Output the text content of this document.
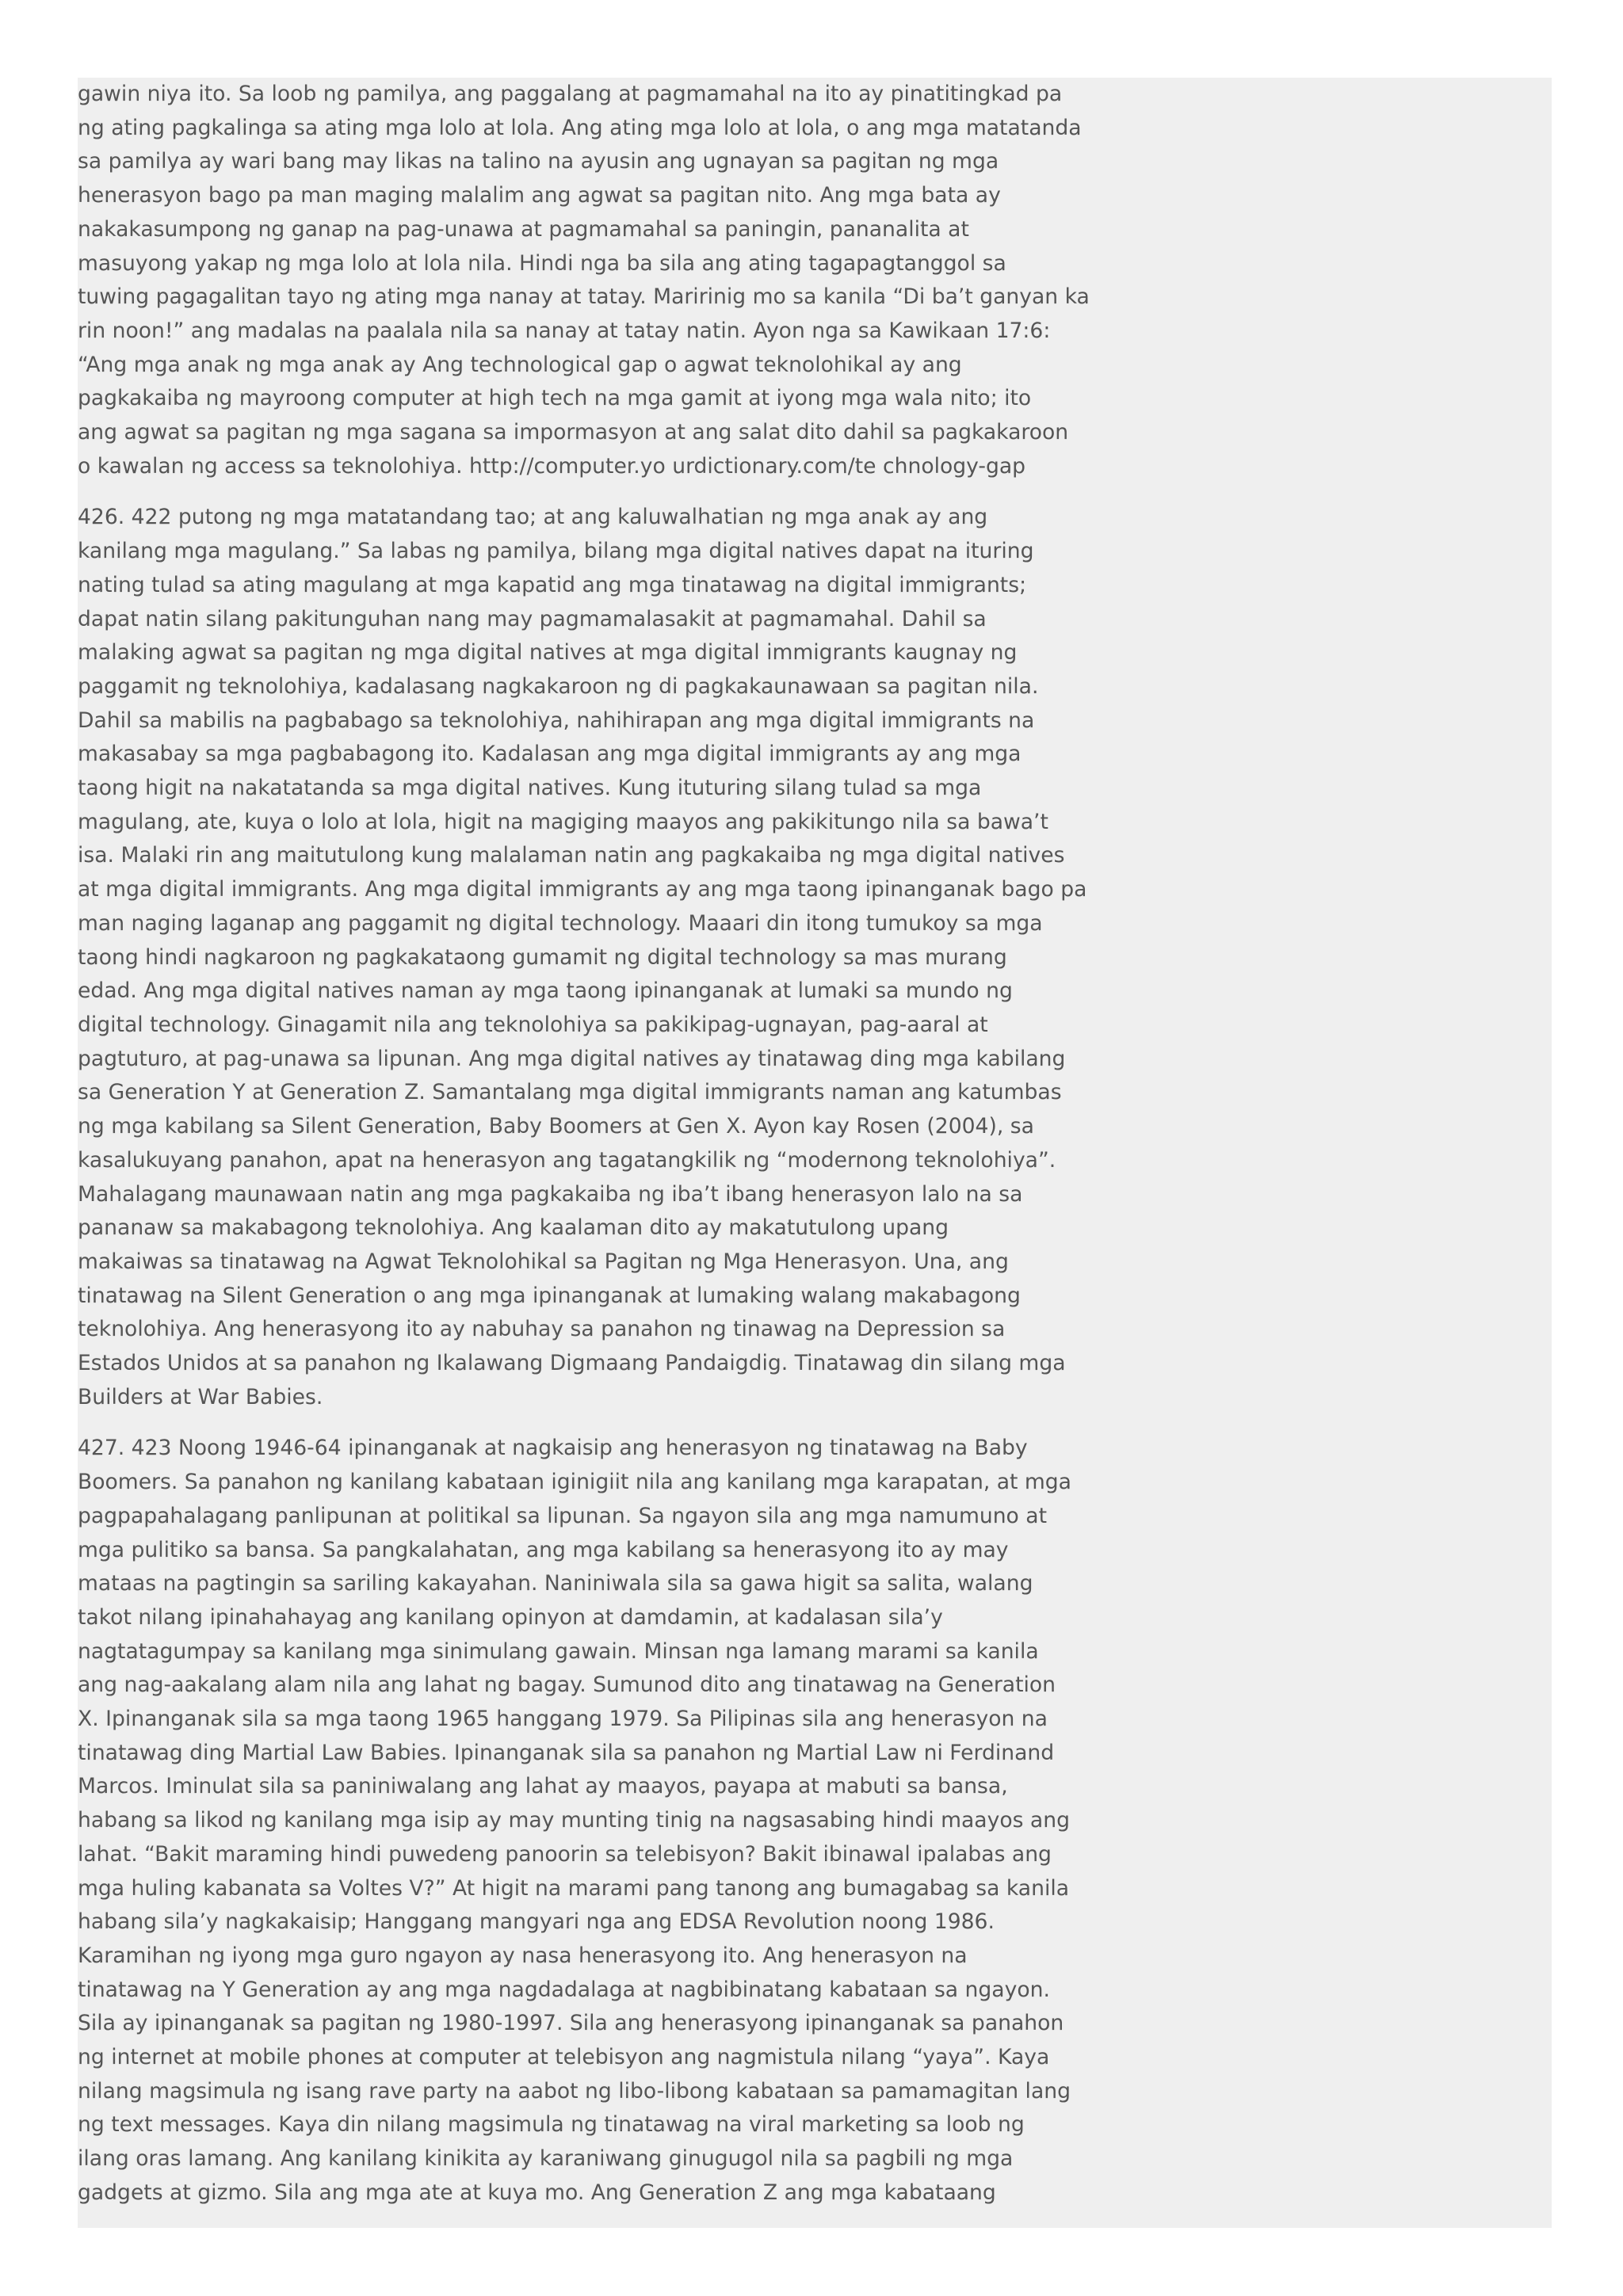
gawin niya ito. Sa loob ng pamilya, ang paggalang at pagmamahal na ito ay pinatitingkad pa
ng ating pagkalinga sa ating mga lolo at lola. Ang ating mga lolo at lola, o ang mga matatanda
sa pamilya ay wari bang may likas na talino na ayusin ang ugnayan sa pagitan ng mga
henerasyon bago pa man maging malalim ang agwat sa pagitan nito. Ang mga bata ay
nakakasumpong ng ganap na pag-unawa at pagmamahal sa paningin, pananalita at
masuyong yakap ng mga lolo at lola nila. Hindi nga ba sila ang ating tagapagtanggol sa
tuwing pagagalitan tayo ng ating mga nanay at tatay. Maririnig mo sa kanila “Di ba’t ganyan ka
rin noon!” ang madalas na paalala nila sa nanay at tatay natin. Ayon nga sa Kawikaan 17:6:
“Ang mga anak ng mga anak ay Ang technological gap o agwat teknolohikal ay ang
pagkakaiba ng mayroong computer at high tech na mga gamit at iyong mga wala nito; ito
ang agwat sa pagitan ng mga sagana sa impormasyon at ang salat dito dahil sa pagkakaroon
o kawalan ng access sa teknolohiya. http://computer.yo urdictionary.com/te chnology-gap

426. 422 putong ng mga matatandang tao; at ang kaluwalhatian ng mga anak ay ang
kanilang mga magulang.” Sa labas ng pamilya, bilang mga digital natives dapat na ituring
nating tulad sa ating magulang at mga kapatid ang mga tinatawag na digital immigrants;
dapat natin silang pakitunguhan nang may pagmamalasakit at pagmamahal. Dahil sa
malaking agwat sa pagitan ng mga digital natives at mga digital immigrants kaugnay ng
paggamit ng teknolohiya, kadalasang nagkakaroon ng di pagkakaunawaan sa pagitan nila.
Dahil sa mabilis na pagbabago sa teknolohiya, nahihirapan ang mga digital immigrants na
makasabay sa mga pagbabagong ito. Kadalasan ang mga digital immigrants ay ang mga
taong higit na nakatatanda sa mga digital natives. Kung ituturing silang tulad sa mga
magulang, ate, kuya o lolo at lola, higit na magiging maayos ang pakikitungo nila sa bawa’t
isa. Malaki rin ang maitutulong kung malalaman natin ang pagkakaiba ng mga digital natives
at mga digital immigrants. Ang mga digital immigrants ay ang mga taong ipinanganak bago pa
man naging laganap ang paggamit ng digital technology. Maaari din itong tumukoy sa mga
taong hindi nagkaroon ng pagkakataong gumamit ng digital technology sa mas murang
edad. Ang mga digital natives naman ay mga taong ipinanganak at lumaki sa mundo ng
digital technology. Ginagamit nila ang teknolohiya sa pakikipag-ugnayan, pag-aaral at
pagtuturo, at pag-unawa sa lipunan. Ang mga digital natives ay tinatawag ding mga kabilang
sa Generation Y at Generation Z. Samantalang mga digital immigrants naman ang katumbas
ng mga kabilang sa Silent Generation, Baby Boomers at Gen X. Ayon kay Rosen (2004), sa
kasalukuyang panahon, apat na henerasyon ang tagatangkilik ng “modernong teknolohiya”.
Mahalagang maunawaan natin ang mga pagkakaiba ng iba’t ibang henerasyon lalo na sa
pananaw sa makabagong teknolohiya. Ang kaalaman dito ay makatutulong upang
makaiwas sa tinatawag na Agwat Teknolohikal sa Pagitan ng Mga Henerasyon. Una, ang
tinatawag na Silent Generation o ang mga ipinanganak at lumaking walang makabagong
teknolohiya. Ang henerasyong ito ay nabuhay sa panahon ng tinawag na Depression sa
Estados Unidos at sa panahon ng Ikalawang Digmaang Pandaigdig. Tinatawag din silang mga
Builders at War Babies.

427. 423 Noong 1946-64 ipinanganak at nagkaisip ang henerasyon ng tinatawag na Baby
Boomers. Sa panahon ng kanilang kabataan iginigiit nila ang kanilang mga karapatan, at mga
pagpapahalagang panlipunan at politikal sa lipunan. Sa ngayon sila ang mga namumuno at
mga pulitiko sa bansa. Sa pangkalahatan, ang mga kabilang sa henerasyong ito ay may
mataas na pagtingin sa sariling kakayahan. Naniniwala sila sa gawa higit sa salita, walang
takot nilang ipinahahayag ang kanilang opinyon at damdamin, at kadalasan sila’y
nagtatagumpay sa kanilang mga sinimulang gawain. Minsan nga lamang marami sa kanila
ang nag-aakalang alam nila ang lahat ng bagay. Sumunod dito ang tinatawag na Generation
X. Ipinanganak sila sa mga taong 1965 hanggang 1979. Sa Pilipinas sila ang henerasyon na
tinatawag ding Martial Law Babies. Ipinanganak sila sa panahon ng Martial Law ni Ferdinand
Marcos. Iminulat sila sa paniniwalang ang lahat ay maayos, payapa at mabuti sa bansa,
habang sa likod ng kanilang mga isip ay may munting tinig na nagsasabing hindi maayos ang
lahat. “Bakit maraming hindi puwedeng panoorin sa telebisyon? Bakit ibinawal ipalabas ang
mga huling kabanata sa Voltes V?” At higit na marami pang tanong ang bumagabag sa kanila
habang sila’y nagkakaisip; Hanggang mangyari nga ang EDSA Revolution noong 1986.
Karamihan ng iyong mga guro ngayon ay nasa henerasyong ito. Ang henerasyon na
tinatawag na Y Generation ay ang mga nagdadalaga at nagbibinatang kabataan sa ngayon.
Sila ay ipinanganak sa pagitan ng 1980-1997. Sila ang henerasyong ipinanganak sa panahon
ng internet at mobile phones at computer at telebisyon ang nagmistula nilang “yaya”. Kaya
nilang magsimula ng isang rave party na aabot ng libo-libong kabataan sa pamamagitan lang
ng text messages. Kaya din nilang magsimula ng tinatawag na viral marketing sa loob ng
ilang oras lamang. Ang kanilang kinikita ay karaniwang ginugugol nila sa pagbili ng mga
gadgets at gizmo. Sila ang mga ate at kuya mo. Ang Generation Z ang mga kabataang
